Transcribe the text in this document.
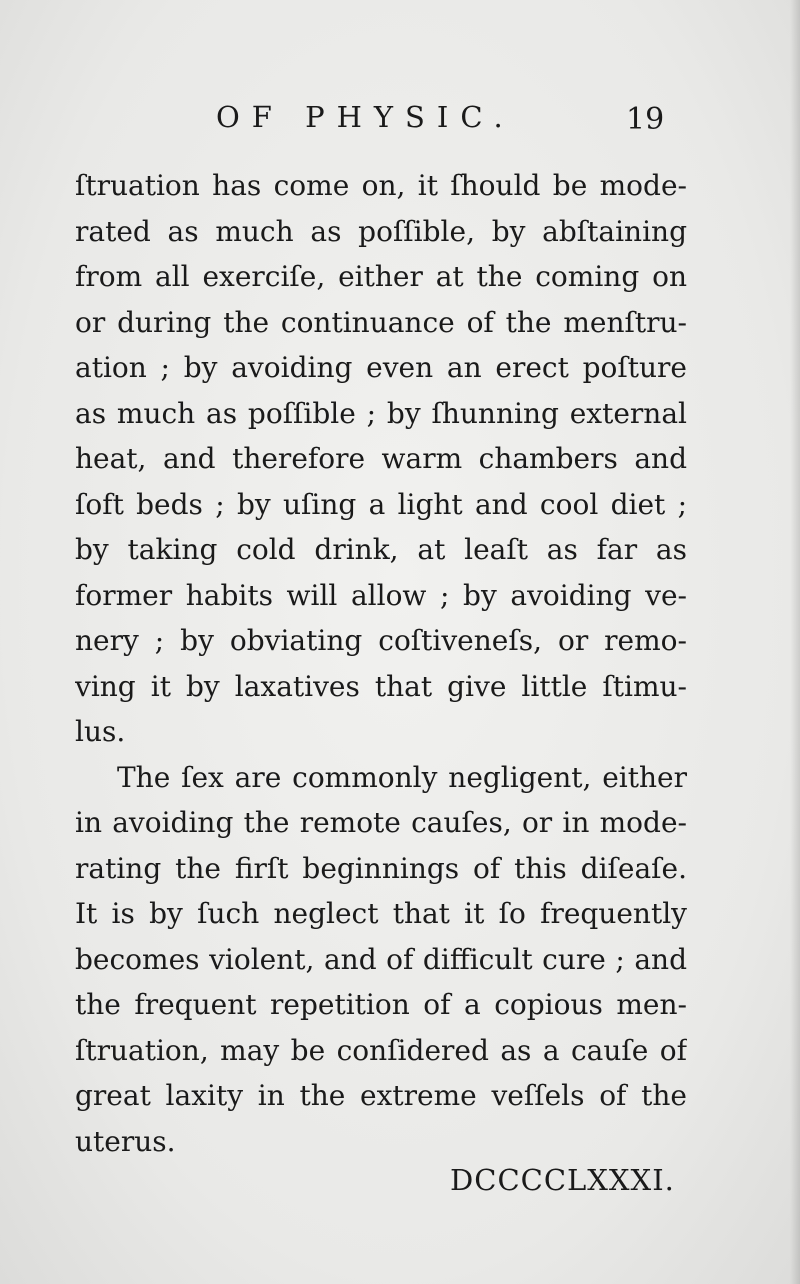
OF PHYSIC.	19
ſtruation has come on, it ſhould be mode-
rated as much as poſſible, by abſtaining
from all exerciſe, either at the coming on
or during the continuance of the menſtru-
ation ; by avoiding even an erect poſture
as much as poſſible ; by ſhunning external
heat, and therefore warm chambers and
ſoft beds ; by uſing a light and cool diet ;
by taking cold drink, at leaſt as far as
former habits will allow ; by avoiding ve-
nery ; by obviating coſtiveneſs, or remo-
ving it by laxatives that give little ſtimu-
lus.
The ſex are commonly negligent, either
in avoiding the remote cauſes, or in mode-
rating the firſt beginnings of this diſeaſe.
It is by ſuch neglect that it ſo frequently
becomes violent, and of difficult cure ; and
the frequent repetition of a copious men-
ſtruation, may be conſidered as a cauſe of
great laxity in the extreme veſſels of the
uterus.
DCCCCLXXXI.
